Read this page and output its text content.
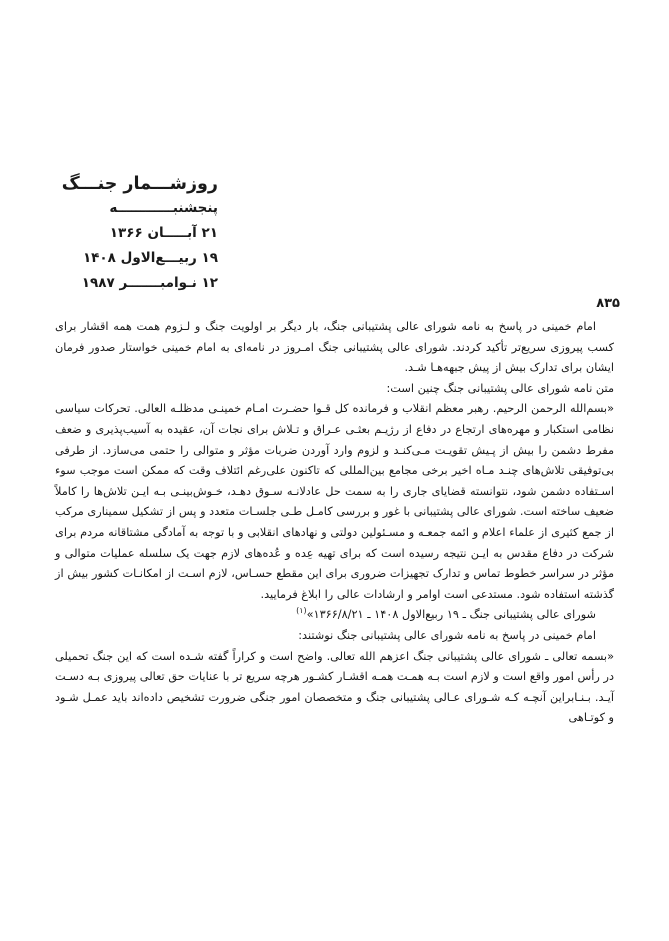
روزشـــمار جنـــگ
پنجشنبــــــــــــه
۲۱ آبـــــان ۱۳۶۶
۱۹ ربیـــع‌الاول ۱۴۰۸
۱۲ نـوامبـــــــر ۱۹۸۷
۸۳۵

امام خمینی در پاسخ به نامه شورای عالی پشتیبانی جنگ، بار دیگر بر اولویت جنگ و لـزوم همت همه اقشار برای کسب پیروزی سریع‌تر تأکید کردند. شورای عالی پشتیبانی جنگ امـروز در نامه‌ای به امام خمینی خواستار صدور فرمان ایشان برای تدارک بیش از پیش جبهه‌هـا شـد.

متن نامه شورای عالی پشتیبانی جنگ چنین است:

«بسم‌الله الرحمن الرحیم. رهبر معظم انقلاب و فرمانده کل قـوا حضـرت امـام خمینـی مدظلـه العالی. تحرکات سیاسی نظامی استکبار و مهره‌های ارتجاع در دفاع از رژیـم بعثـی عـراق و تـلاش برای نجات آن، عقیده به آسیب‌پذیری و ضعف مفرط دشمن را بیش از پـیش تقویـت مـی‌کنـد و لزوم وارد آوردن ضربات مؤثر و متوالی را حتمی می‌سازد. از طرفی بی‌توفیقی تلاش‌های چنـد مـاه اخیر برخی مجامع بین‌المللی که تاکنون علی‌رغم ائتلاف وقت که ممکن است موجب سوء اسـتفاده دشمن شود، نتوانسته قضایای جاری را به سمت حل عادلانـه سـوق دهـد، خـوش‌بینـی بـه ایـن تلاش‌ها را کاملاً ضعیف ساخته است. شورای عالی پشتیبانی با غور و بررسی کامـل طـی جلسـات متعدد و پس از تشکیل سمیناری مرکب از جمع کثیری از علماء اعلام و ائمه جمعـه و مسـئولین دولتی و نهادهای انقلابی و با توجه به آمادگی مشتاقانه مردم برای شرکت در دفاع مقدس به ایـن نتیجه رسیده است که برای تهیه عِده و عُده‌های لازم جهت یک سلسله عملیات متوالی و مؤثر در سراسر خطوط تماس و تدارک تجهیزات ضروری برای این مقطع حسـاس، لازم اسـت از امکانـات کشور بیش از گذشته استفاده شود. مستدعی است اوامر و ارشادات عالی را ابلاغ فرمایید.

شورای عالی پشتیبانی جنگ ـ ۱۹ ربیع‌الاول ۱۴۰۸ ـ ۱۳۶۶/۸/۲۱»$^{(۱)}$

امام خمینی در پاسخ به نامه شورای عالی پشتیبانی جنگ نوشتند:

«بسمه تعالی ـ شورای عالی پشتیبانی جنگ اعزهم الله تعالی. واضح است و کراراً گفته شـده است که این جنگ تحمیلی در رأس امور واقع است و لازم است بـه همـت همـه اقشـار کشـور هرچه سریع تر با عنایات حق تعالی پیروزی بـه دسـت آیـد. بـنـابراین آنچـه کـه شـورای عـالی پشتیبانی جنگ و متخصصان امور جنگی ضرورت تشخیص داده‌اند باید عمـل شـود و کوتـاهی
